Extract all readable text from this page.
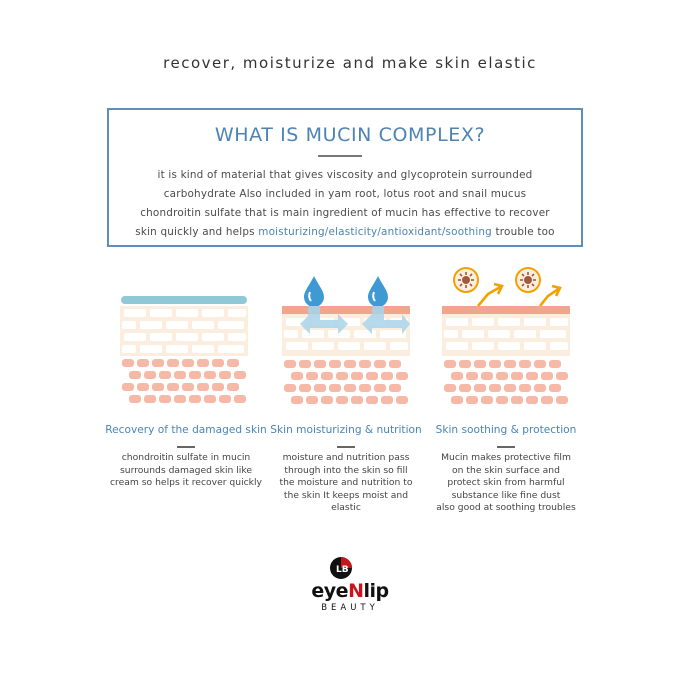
recover, moisturize and make skin elastic
WHAT IS MUCIN COMPLEX?
it is kind of material that gives viscosity and glycoprotein surrounded
carbohydrate Also included in yam root, lotus root and snail mucus
chondroitin sulfate that is main ingredient of mucin has effective to recover
skin quickly and helps moisturizing/elasticity/antioxidant/soothing trouble too
Recovery of the damaged skin
chondroitin sulfate in mucin
surrounds damaged skin like
cream so helps it recover quickly
Skin moisturizing & nutrition
moisture and nutrition pass
through into the skin so fill
the moisture and nutrition to
the skin It keeps moist and
elastic
Skin soothing & protection
Mucin makes protective film
on the skin surface and
protect skin from harmful
substance like fine dust
also good at soothing troubles
LB
eyeNlip
BEAUTY
